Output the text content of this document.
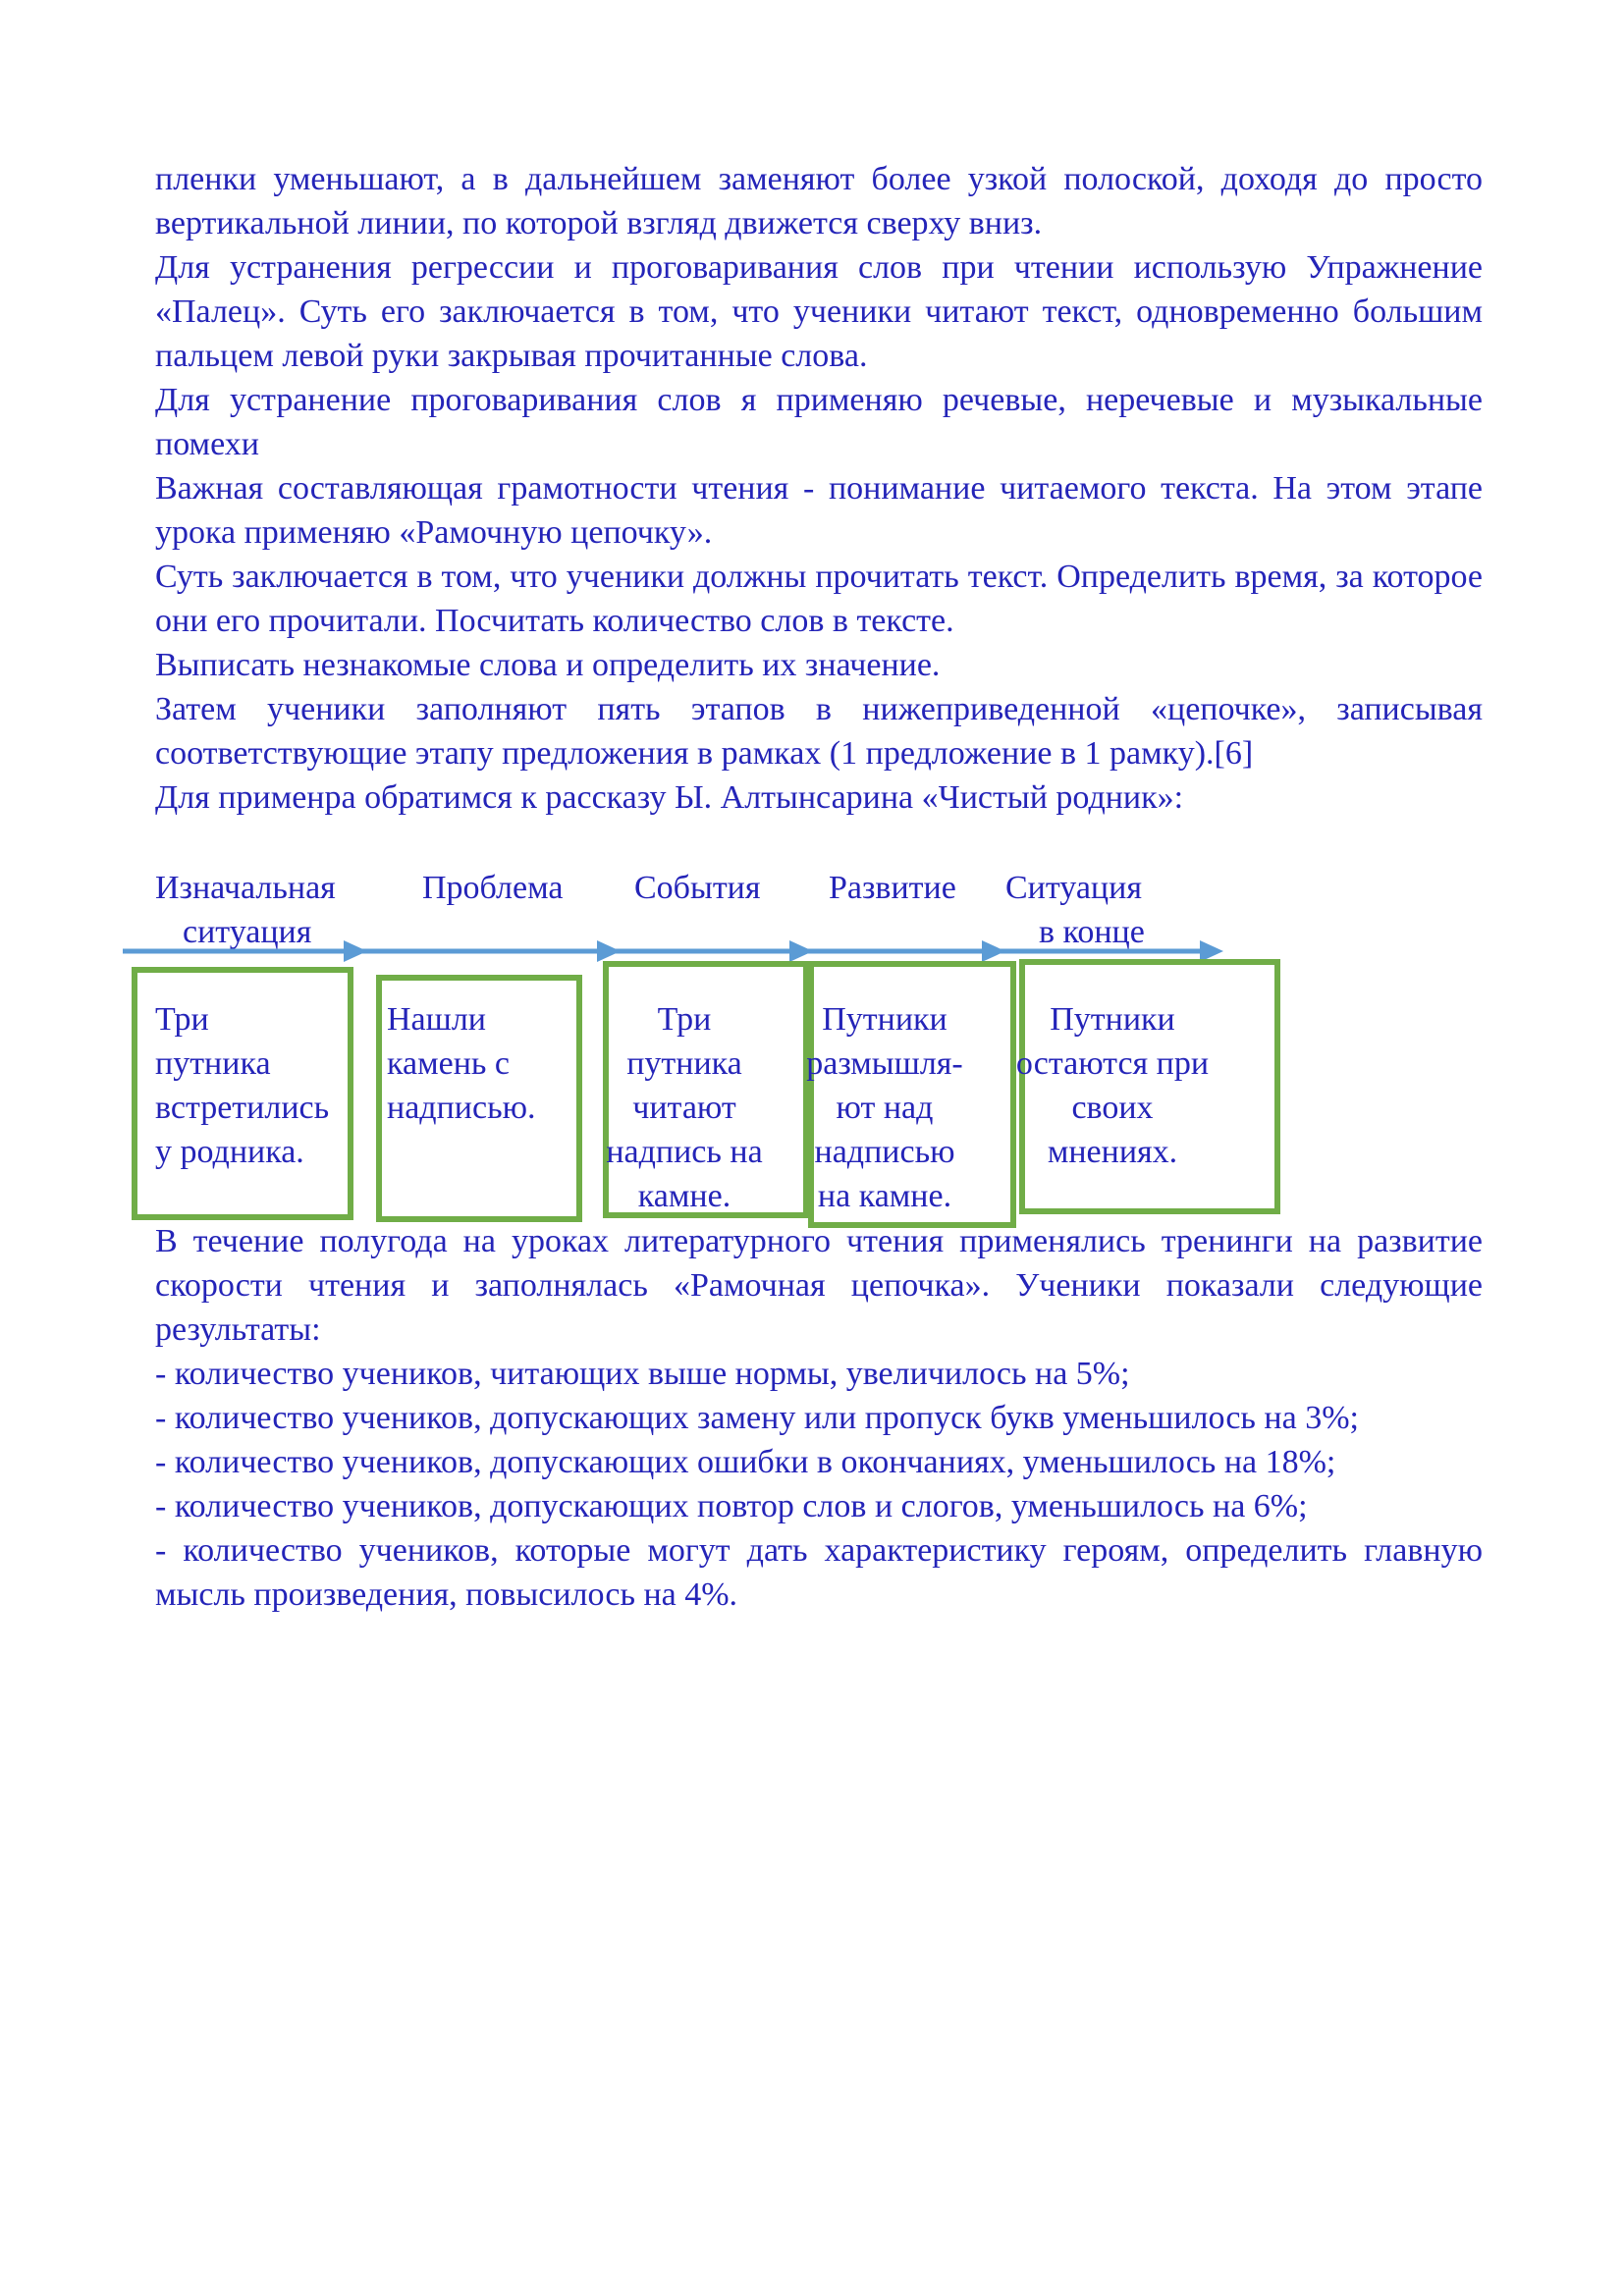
пленки уменьшают, а в дальнейшем заменяют более узкой полоской, доходя до просто вертикальной линии, по которой взгляд движется сверху вниз.

Для устранения регрессии и проговаривания слов при чтении использую Упражнение «Палец». Суть его заключается в том, что ученики читают текст, одновременно большим пальцем левой руки закрывая прочитанные слова.

Для устранение проговаривания слов я применяю речевые, неречевые и музыкальные помехи

Важная составляющая грамотности чтения - понимание читаемого текста. На этом этапе урока применяю «Рамочную цепочку».

Суть заключается в том, что ученики должны прочитать текст. Определить время, за которое они его прочитали. Посчитать количество слов в тексте.

Выписать незнакомые слова и определить их значение.

Затем ученики заполняют пять этапов в нижеприведенной «цепочке», записывая соответствующие этапу предложения в рамках (1 предложение в 1 рамку).[6]

Для применра обратимся к рассказу Ы. Алтынсарина «Чистый родник»:

Изначальная
ситуация
Проблема События Развитие Ситуация
в конце
Три
путника
встретились
у родника.
Нашли
камень с
надписью.
Три
путника
читают
надпись на
камне.
Путники
размышля-
ют над
надписью
на камне.
Путники
остаются при
своих
мнениях.

В течение полугода на уроках литературного чтения применялись тренинги на развитие скорости чтения и заполнялась «Рамочная цепочка». Ученики показали следующие результаты:

- количество учеников, читающих выше нормы, увеличилось на 5%;

- количество учеников, допускающих замену или пропуск букв уменьшилось на 3%;

- количество учеников, допускающих ошибки в окончаниях, уменьшилось на 18%;

- количество учеников, допускающих повтор слов и слогов, уменьшилось на 6%;

- количество учеников, которые могут дать характеристику героям, определить главную мысль произведения, повысилось на 4%.
